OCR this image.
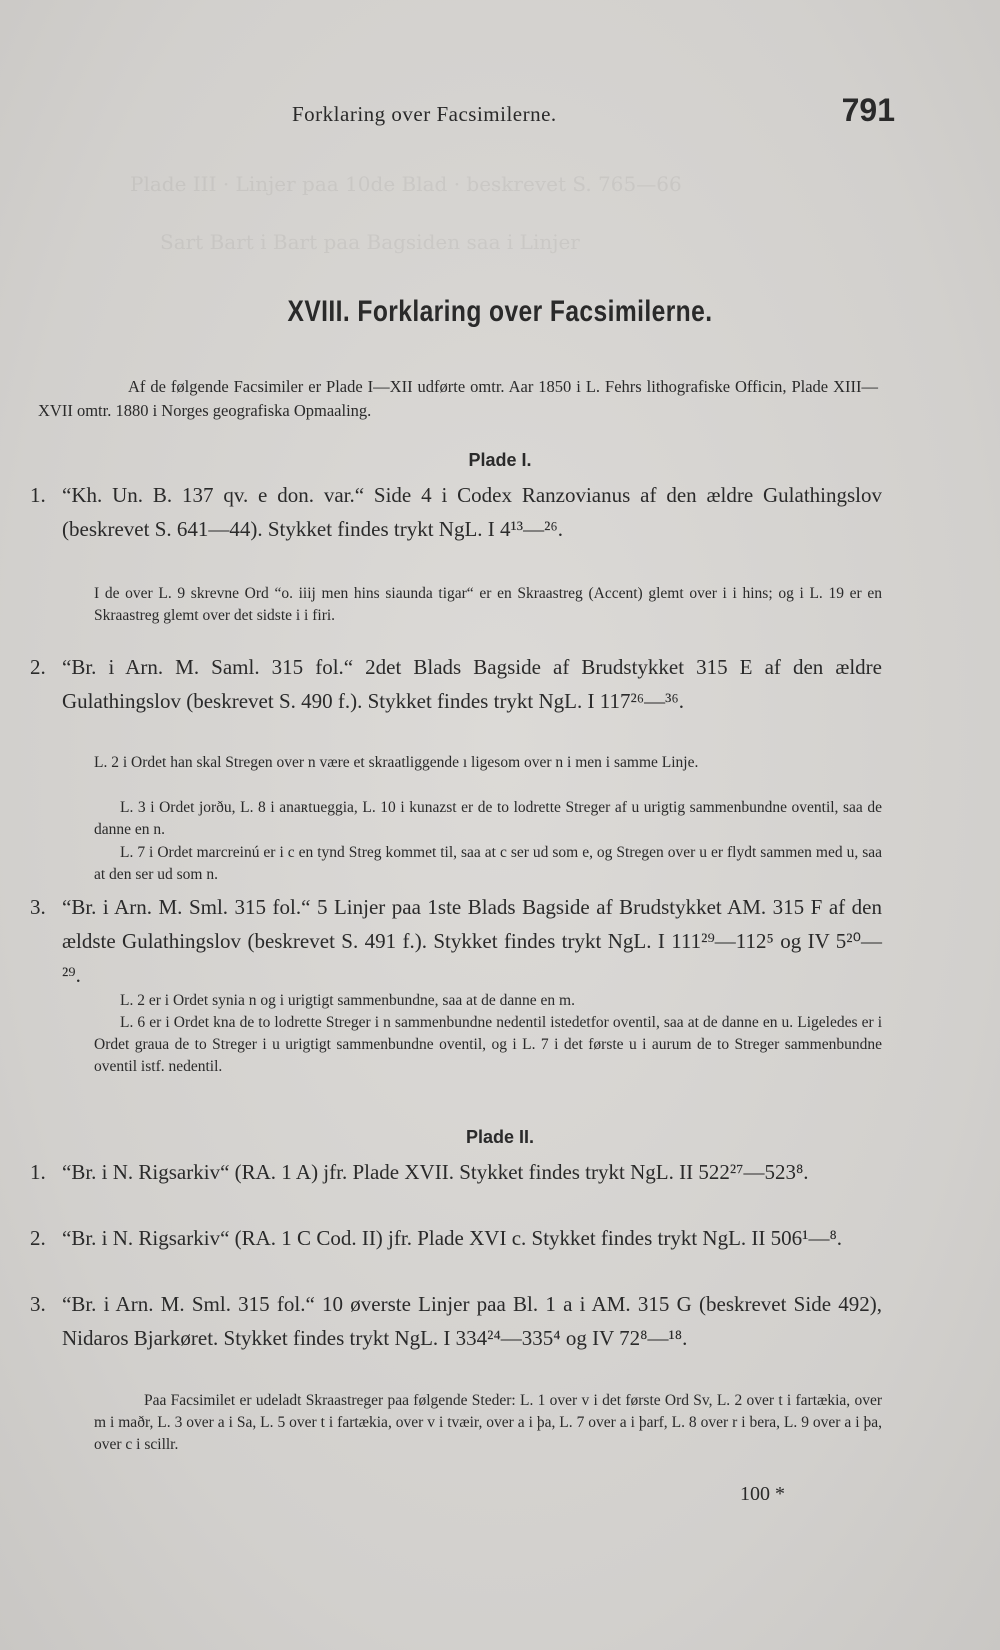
Plade III · Linjer paa 10de Blad · beskrevet S. 765—66
Sart Bart i Bart paa Bagsiden saa i Linjer
Forklaring over Facsimilerne.	791
XVIII. Forklaring over Facsimilerne.
Af de følgende Facsimiler er Plade I—XII udførte omtr. Aar 1850 i L. Fehrs lithografiske Officin, Plade XIII—XVII omtr. 1880 i Norges geografiska Opmaaling.
Plade I.
1. “Kh. Un. B. 137 qv. e don. var.“ Side 4 i Codex Ranzovianus af den ældre Gulathingslov (beskrevet S. 641—44). Stykket findes trykt NgL. I 4¹³—²⁶.
I de over L. 9 skrevne Ord “o. iiij men hins siaunda tigar“ er en Skraastreg (Accent) glemt over i i hins; og i L. 19 er en Skraastreg glemt over det sidste i i firi.
2. “Br. i Arn. M. Saml. 315 fol.“ 2det Blads Bagside af Brudstykket 315 E af den ældre Gulathingslov (beskrevet S. 490 f.). Stykket findes trykt NgL. I 117²⁶—³⁶.
L. 2 i Ordet han skal Stregen over n være et skraatliggende ı ligesom over n i men i samme Linje.
L. 3 i Ordet jorðu, L. 8 i anaʀtueggia, L. 10 i kunazst er de to lodrette Streger af u urigtig sammenbundne oventil, saa de danne en n.
L. 7 i Ordet marcreinú er i c en tynd Streg kommet til, saa at c ser ud som e, og Stregen over u er flydt sammen med u, saa at den ser ud som n.
3. “Br. i Arn. M. Sml. 315 fol.“ 5 Linjer paa 1ste Blads Bagside af Brudstykket AM. 315 F af den ældste Gulathingslov (beskrevet S. 491 f.). Stykket findes trykt NgL. I 111²⁹—112⁵ og IV 5²⁰—²⁹.
L. 2 er i Ordet synia n og i urigtigt sammenbundne, saa at de danne en m.
L. 6 er i Ordet kna de to lodrette Streger i n sammenbundne nedentil istedetfor oventil, saa at de danne en u. Ligeledes er i Ordet graua de to Streger i u urigtigt sammenbundne oventil, og i L. 7 i det første u i aurum de to Streger sammenbundne oventil istf. nedentil.
Plade II.
1. “Br. i N. Rigsarkiv“ (RA. 1 A) jfr. Plade XVII. Stykket findes trykt NgL. II 522²⁷—523⁸.
2. “Br. i N. Rigsarkiv“ (RA. 1 C Cod. II) jfr. Plade XVI c. Stykket findes trykt NgL. II 506¹—⁸.
3. “Br. i Arn. M. Sml. 315 fol.“ 10 øverste Linjer paa Bl. 1 a i AM. 315 G (beskrevet Side 492), Nidaros Bjarkøret. Stykket findes trykt NgL. I 334²⁴—335⁴ og IV 72⁸—¹⁸.
Paa Facsimilet er udeladt Skraastreger paa følgende Steder: L. 1 over v i det første Ord Sv, L. 2 over t i fartækia, over m i maðr, L. 3 over a i Sa, L. 5 over t i fartækia, over v i tvæir, over a i þa, L. 7 over a i þarf, L. 8 over r i bera, L. 9 over a i þa, over c i scillr.
100 *
